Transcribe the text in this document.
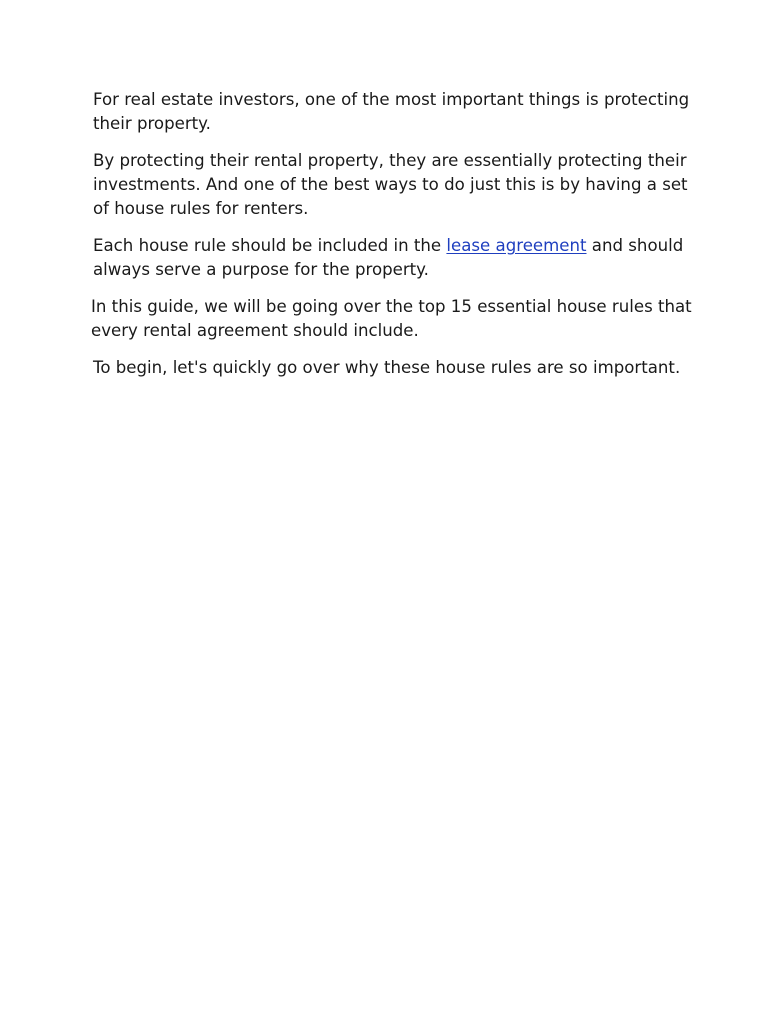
For real estate investors, one of the most important things is protecting their property.

By protecting their rental property, they are essentially protecting their investments. And one of the best ways to do just this is by having a set of house rules for renters.

Each house rule should be included in the lease agreement and should always serve a purpose for the property.

In this guide, we will be going over the top 15 essential house rules that every rental agreement should include.

To begin, let's quickly go over why these house rules are so important.
